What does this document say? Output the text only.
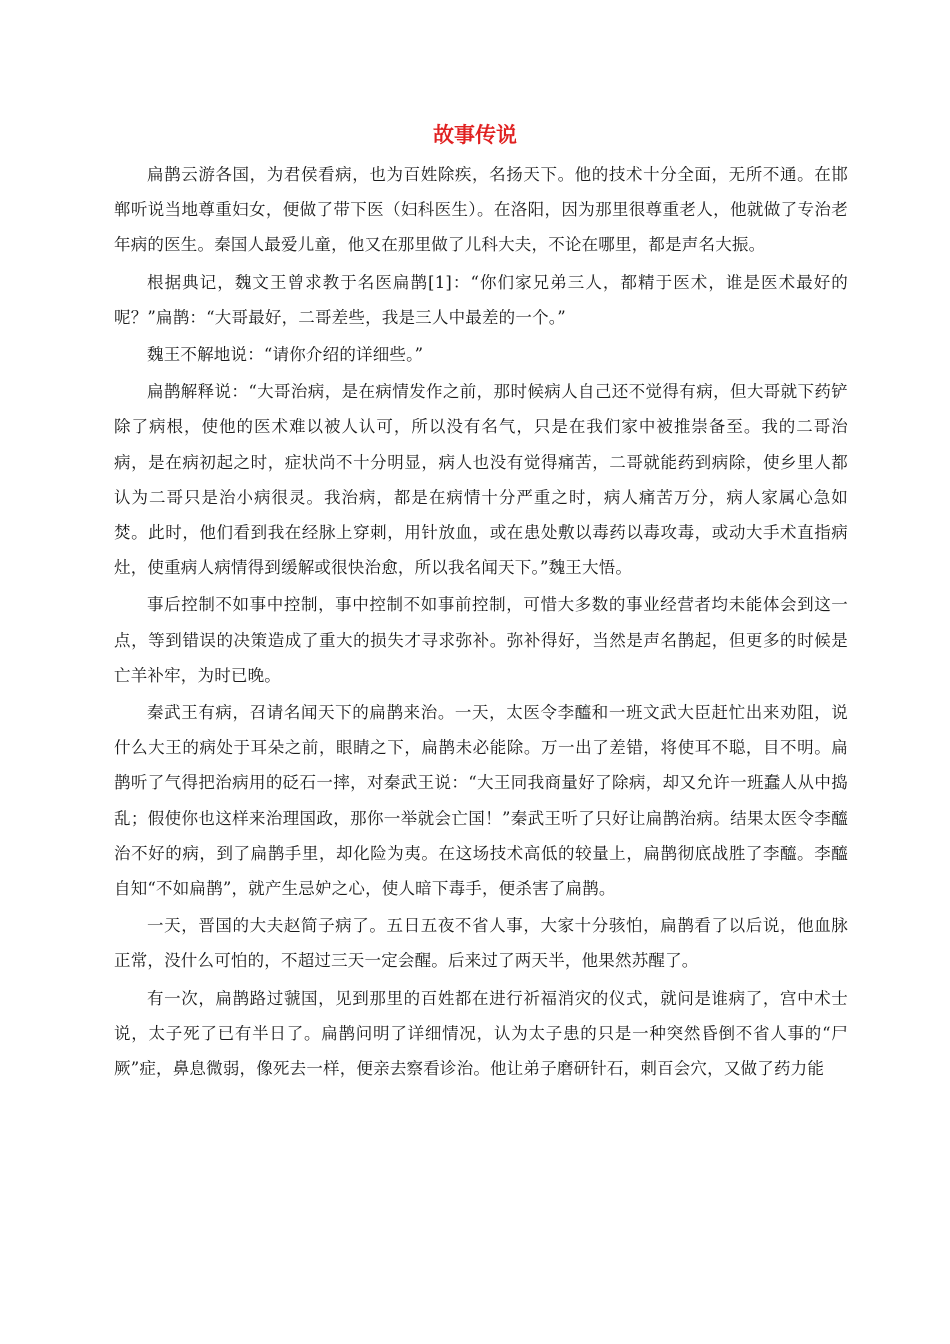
故事传说

扁鹊云游各国，为君侯看病，也为百姓除疾，名扬天下。他的技术十分全面，无所不通。在邯郸听说当地尊重妇女，便做了带下医（妇科医生）。在洛阳，因为那里很尊重老人，他就做了专治老年病的医生。秦国人最爱儿童，他又在那里做了儿科大夫，不论在哪里，都是声名大振。

根据典记，魏文王曾求教于名医扁鹊[1]：“你们家兄弟三人，都精于医术，谁是医术最好的呢？”扁鹊：“大哥最好，二哥差些，我是三人中最差的一个。”

魏王不解地说：“请你介绍的详细些。”

扁鹊解释说：“大哥治病，是在病情发作之前，那时候病人自己还不觉得有病，但大哥就下药铲除了病根，使他的医术难以被人认可，所以没有名气，只是在我们家中被推崇备至。我的二哥治病，是在病初起之时，症状尚不十分明显，病人也没有觉得痛苦，二哥就能药到病除，使乡里人都认为二哥只是治小病很灵。我治病，都是在病情十分严重之时，病人痛苦万分，病人家属心急如焚。此时，他们看到我在经脉上穿刺，用针放血，或在患处敷以毒药以毒攻毒，或动大手术直指病灶，使重病人病情得到缓解或很快治愈，所以我名闻天下。”魏王大悟。

事后控制不如事中控制，事中控制不如事前控制，可惜大多数的事业经营者均未能体会到这一点，等到错误的决策造成了重大的损失才寻求弥补。弥补得好，当然是声名鹊起，但更多的时候是亡羊补牢，为时已晚。

秦武王有病，召请名闻天下的扁鹊来治。一天，太医令李醯和一班文武大臣赶忙出来劝阻，说什么大王的病处于耳朵之前，眼睛之下，扁鹊未必能除。万一出了差错，将使耳不聪，目不明。扁鹊听了气得把治病用的砭石一摔，对秦武王说：“大王同我商量好了除病，却又允许一班蠢人从中捣乱；假使你也这样来治理国政，那你一举就会亡国！”秦武王听了只好让扁鹊治病。结果太医令李醯治不好的病，到了扁鹊手里，却化险为夷。在这场技术高低的较量上，扁鹊彻底战胜了李醯。李醯自知“不如扁鹊”，就产生忌妒之心，使人暗下毒手，便杀害了扁鹊。

一天，晋国的大夫赵简子病了。五日五夜不省人事，大家十分骇怕，扁鹊看了以后说，他血脉正常，没什么可怕的，不超过三天一定会醒。后来过了两天半，他果然苏醒了。

有一次，扁鹊路过虢国，见到那里的百姓都在进行祈福消灾的仪式，就问是谁病了，宫中术士说，太子死了已有半日了。扁鹊问明了详细情况，认为太子患的只是一种突然昏倒不省人事的“尸厥”症，鼻息微弱，像死去一样，便亲去察看诊治。他让弟子磨研针石，刺百会穴，又做了药力能
